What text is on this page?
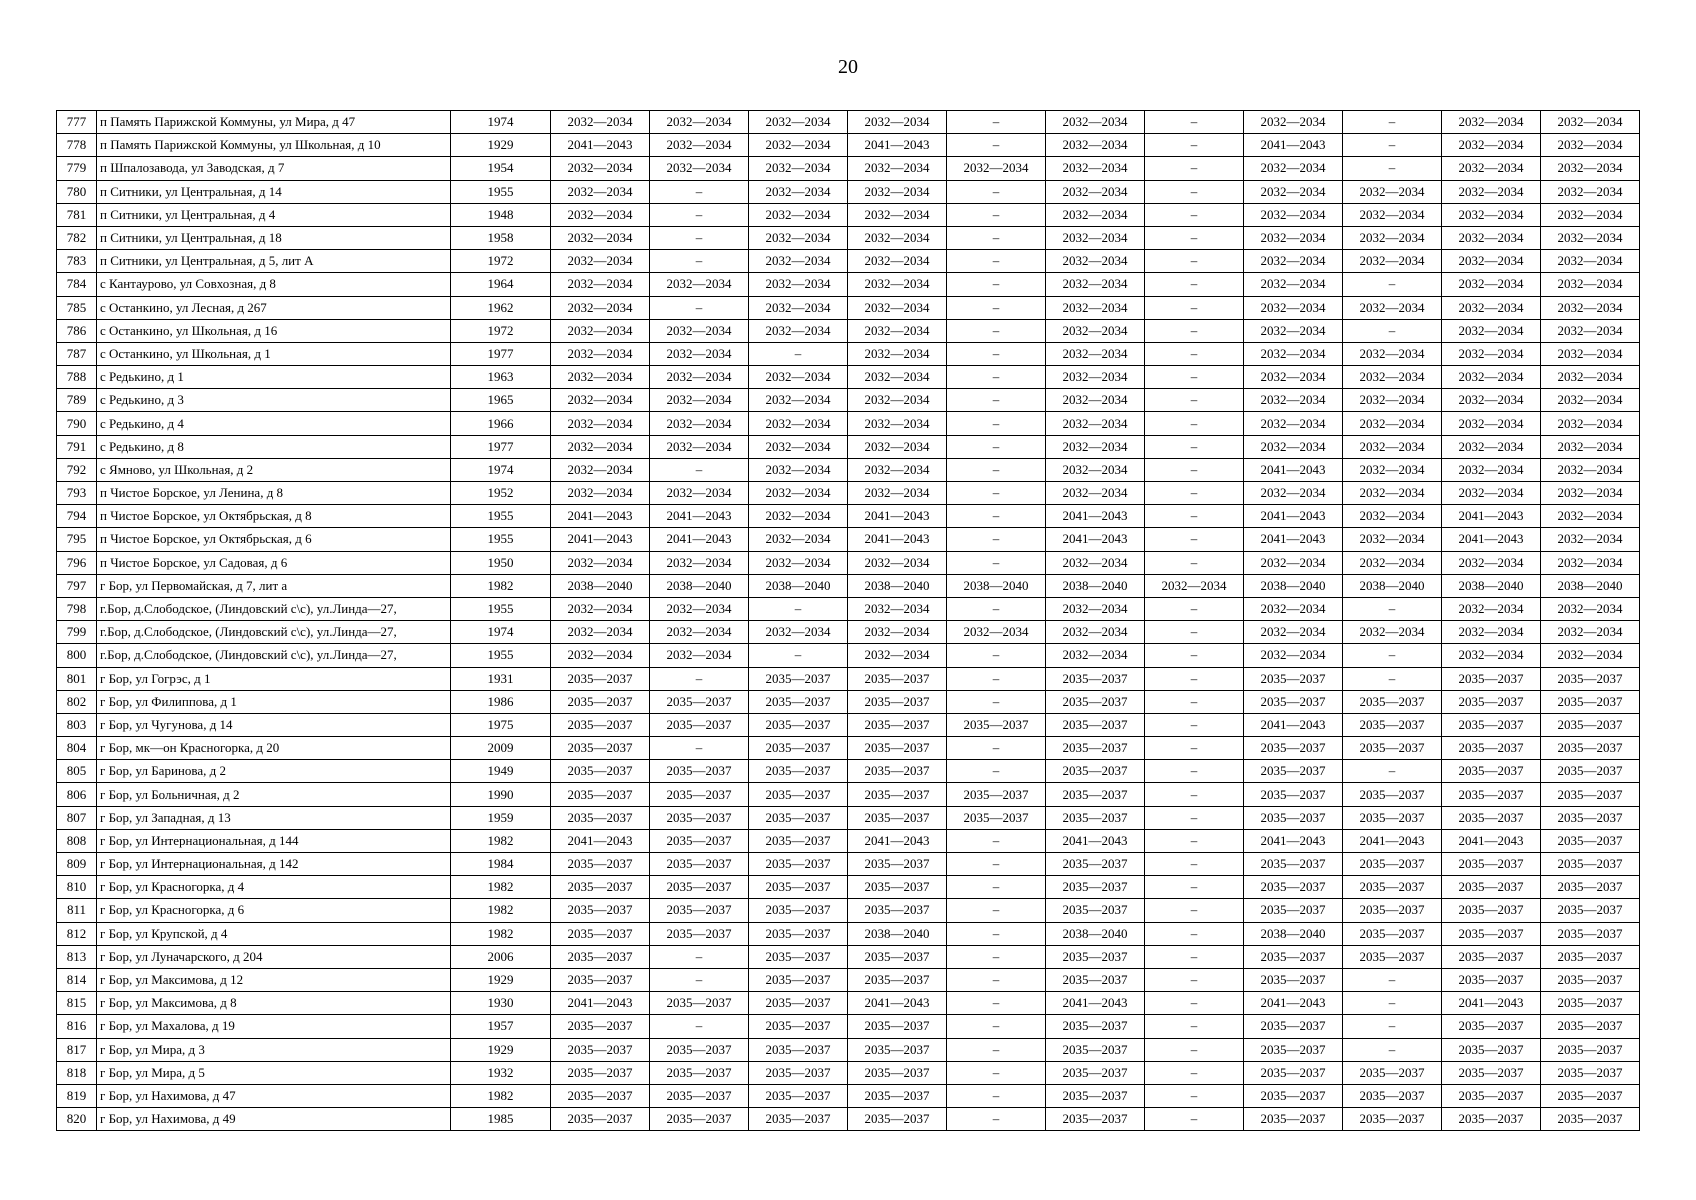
20
777	п Память Парижской Коммуны, ул Мира, д 47	1974	2032—2034	2032—2034	2032—2034	2032—2034	–	2032—2034	–	2032—2034	–	2032—2034	2032—2034
778	п Память Парижской Коммуны, ул Школьная, д 10	1929	2041—2043	2032—2034	2032—2034	2041—2043	–	2032—2034	–	2041—2043	–	2032—2034	2032—2034
779	п Шпалозавода, ул Заводская, д 7	1954	2032—2034	2032—2034	2032—2034	2032—2034	2032—2034	2032—2034	–	2032—2034	–	2032—2034	2032—2034
780	п Ситники, ул Центральная, д 14	1955	2032—2034	–	2032—2034	2032—2034	–	2032—2034	–	2032—2034	2032—2034	2032—2034	2032—2034
781	п Ситники, ул Центральная, д 4	1948	2032—2034	–	2032—2034	2032—2034	–	2032—2034	–	2032—2034	2032—2034	2032—2034	2032—2034
782	п Ситники, ул Центральная, д 18	1958	2032—2034	–	2032—2034	2032—2034	–	2032—2034	–	2032—2034	2032—2034	2032—2034	2032—2034
783	п Ситники, ул Центральная, д 5, лит А	1972	2032—2034	–	2032—2034	2032—2034	–	2032—2034	–	2032—2034	2032—2034	2032—2034	2032—2034
784	с Кантаурово, ул Совхозная, д 8	1964	2032—2034	2032—2034	2032—2034	2032—2034	–	2032—2034	–	2032—2034	–	2032—2034	2032—2034
785	с Останкино, ул Лесная, д 267	1962	2032—2034	–	2032—2034	2032—2034	–	2032—2034	–	2032—2034	2032—2034	2032—2034	2032—2034
786	с Останкино, ул Школьная, д 16	1972	2032—2034	2032—2034	2032—2034	2032—2034	–	2032—2034	–	2032—2034	–	2032—2034	2032—2034
787	с Останкино, ул Школьная, д 1	1977	2032—2034	2032—2034	–	2032—2034	–	2032—2034	–	2032—2034	2032—2034	2032—2034	2032—2034
788	с Редькино, д 1	1963	2032—2034	2032—2034	2032—2034	2032—2034	–	2032—2034	–	2032—2034	2032—2034	2032—2034	2032—2034
789	с Редькино, д 3	1965	2032—2034	2032—2034	2032—2034	2032—2034	–	2032—2034	–	2032—2034	2032—2034	2032—2034	2032—2034
790	с Редькино, д 4	1966	2032—2034	2032—2034	2032—2034	2032—2034	–	2032—2034	–	2032—2034	2032—2034	2032—2034	2032—2034
791	с Редькино, д 8	1977	2032—2034	2032—2034	2032—2034	2032—2034	–	2032—2034	–	2032—2034	2032—2034	2032—2034	2032—2034
792	с Ямново, ул Школьная, д 2	1974	2032—2034	–	2032—2034	2032—2034	–	2032—2034	–	2041—2043	2032—2034	2032—2034	2032—2034
793	п Чистое Борское, ул Ленина, д 8	1952	2032—2034	2032—2034	2032—2034	2032—2034	–	2032—2034	–	2032—2034	2032—2034	2032—2034	2032—2034
794	п Чистое Борское, ул Октябрьская, д 8	1955	2041—2043	2041—2043	2032—2034	2041—2043	–	2041—2043	–	2041—2043	2032—2034	2041—2043	2032—2034
795	п Чистое Борское, ул Октябрьская, д 6	1955	2041—2043	2041—2043	2032—2034	2041—2043	–	2041—2043	–	2041—2043	2032—2034	2041—2043	2032—2034
796	п Чистое Борское, ул Садовая, д 6	1950	2032—2034	2032—2034	2032—2034	2032—2034	–	2032—2034	–	2032—2034	2032—2034	2032—2034	2032—2034
797	г Бор, ул Первомайская, д 7, лит а	1982	2038—2040	2038—2040	2038—2040	2038—2040	2038—2040	2038—2040	2032—2034	2038—2040	2038—2040	2038—2040	2038—2040
798	г.Бор, д.Слободское, (Линдовский с\с), ул.Линда—27,	1955	2032—2034	2032—2034	–	2032—2034	–	2032—2034	–	2032—2034	–	2032—2034	2032—2034
799	г.Бор, д.Слободское, (Линдовский с\с), ул.Линда—27,	1974	2032—2034	2032—2034	2032—2034	2032—2034	2032—2034	2032—2034	–	2032—2034	2032—2034	2032—2034	2032—2034
800	г.Бор, д.Слободское, (Линдовский с\с), ул.Линда—27,	1955	2032—2034	2032—2034	–	2032—2034	–	2032—2034	–	2032—2034	–	2032—2034	2032—2034
801	г Бор, ул Гогрэс, д 1	1931	2035—2037	–	2035—2037	2035—2037	–	2035—2037	–	2035—2037	–	2035—2037	2035—2037
802	г Бор, ул Филиппова, д 1	1986	2035—2037	2035—2037	2035—2037	2035—2037	–	2035—2037	–	2035—2037	2035—2037	2035—2037	2035—2037
803	г Бор, ул Чугунова, д 14	1975	2035—2037	2035—2037	2035—2037	2035—2037	2035—2037	2035—2037	–	2041—2043	2035—2037	2035—2037	2035—2037
804	г Бор, мк—он Красногорка, д 20	2009	2035—2037	–	2035—2037	2035—2037	–	2035—2037	–	2035—2037	2035—2037	2035—2037	2035—2037
805	г Бор, ул Баринова, д 2	1949	2035—2037	2035—2037	2035—2037	2035—2037	–	2035—2037	–	2035—2037	–	2035—2037	2035—2037
806	г Бор, ул Больничная, д 2	1990	2035—2037	2035—2037	2035—2037	2035—2037	2035—2037	2035—2037	–	2035—2037	2035—2037	2035—2037	2035—2037
807	г Бор, ул Западная, д 13	1959	2035—2037	2035—2037	2035—2037	2035—2037	2035—2037	2035—2037	–	2035—2037	2035—2037	2035—2037	2035—2037
808	г Бор, ул Интернациональная, д 144	1982	2041—2043	2035—2037	2035—2037	2041—2043	–	2041—2043	–	2041—2043	2041—2043	2041—2043	2035—2037
809	г Бор, ул Интернациональная, д 142	1984	2035—2037	2035—2037	2035—2037	2035—2037	–	2035—2037	–	2035—2037	2035—2037	2035—2037	2035—2037
810	г Бор, ул Красногорка, д 4	1982	2035—2037	2035—2037	2035—2037	2035—2037	–	2035—2037	–	2035—2037	2035—2037	2035—2037	2035—2037
811	г Бор, ул Красногорка, д 6	1982	2035—2037	2035—2037	2035—2037	2035—2037	–	2035—2037	–	2035—2037	2035—2037	2035—2037	2035—2037
812	г Бор, ул Крупской, д 4	1982	2035—2037	2035—2037	2035—2037	2038—2040	–	2038—2040	–	2038—2040	2035—2037	2035—2037	2035—2037
813	г Бор, ул Луначарского, д 204	2006	2035—2037	–	2035—2037	2035—2037	–	2035—2037	–	2035—2037	2035—2037	2035—2037	2035—2037
814	г Бор, ул Максимова, д 12	1929	2035—2037	–	2035—2037	2035—2037	–	2035—2037	–	2035—2037	–	2035—2037	2035—2037
815	г Бор, ул Максимова, д 8	1930	2041—2043	2035—2037	2035—2037	2041—2043	–	2041—2043	–	2041—2043	–	2041—2043	2035—2037
816	г Бор, ул Махалова, д 19	1957	2035—2037	–	2035—2037	2035—2037	–	2035—2037	–	2035—2037	–	2035—2037	2035—2037
817	г Бор, ул Мира, д 3	1929	2035—2037	2035—2037	2035—2037	2035—2037	–	2035—2037	–	2035—2037	–	2035—2037	2035—2037
818	г Бор, ул Мира, д 5	1932	2035—2037	2035—2037	2035—2037	2035—2037	–	2035—2037	–	2035—2037	2035—2037	2035—2037	2035—2037
819	г Бор, ул Нахимова, д 47	1982	2035—2037	2035—2037	2035—2037	2035—2037	–	2035—2037	–	2035—2037	2035—2037	2035—2037	2035—2037
820	г Бор, ул Нахимова, д 49	1985	2035—2037	2035—2037	2035—2037	2035—2037	–	2035—2037	–	2035—2037	2035—2037	2035—2037	2035—2037
